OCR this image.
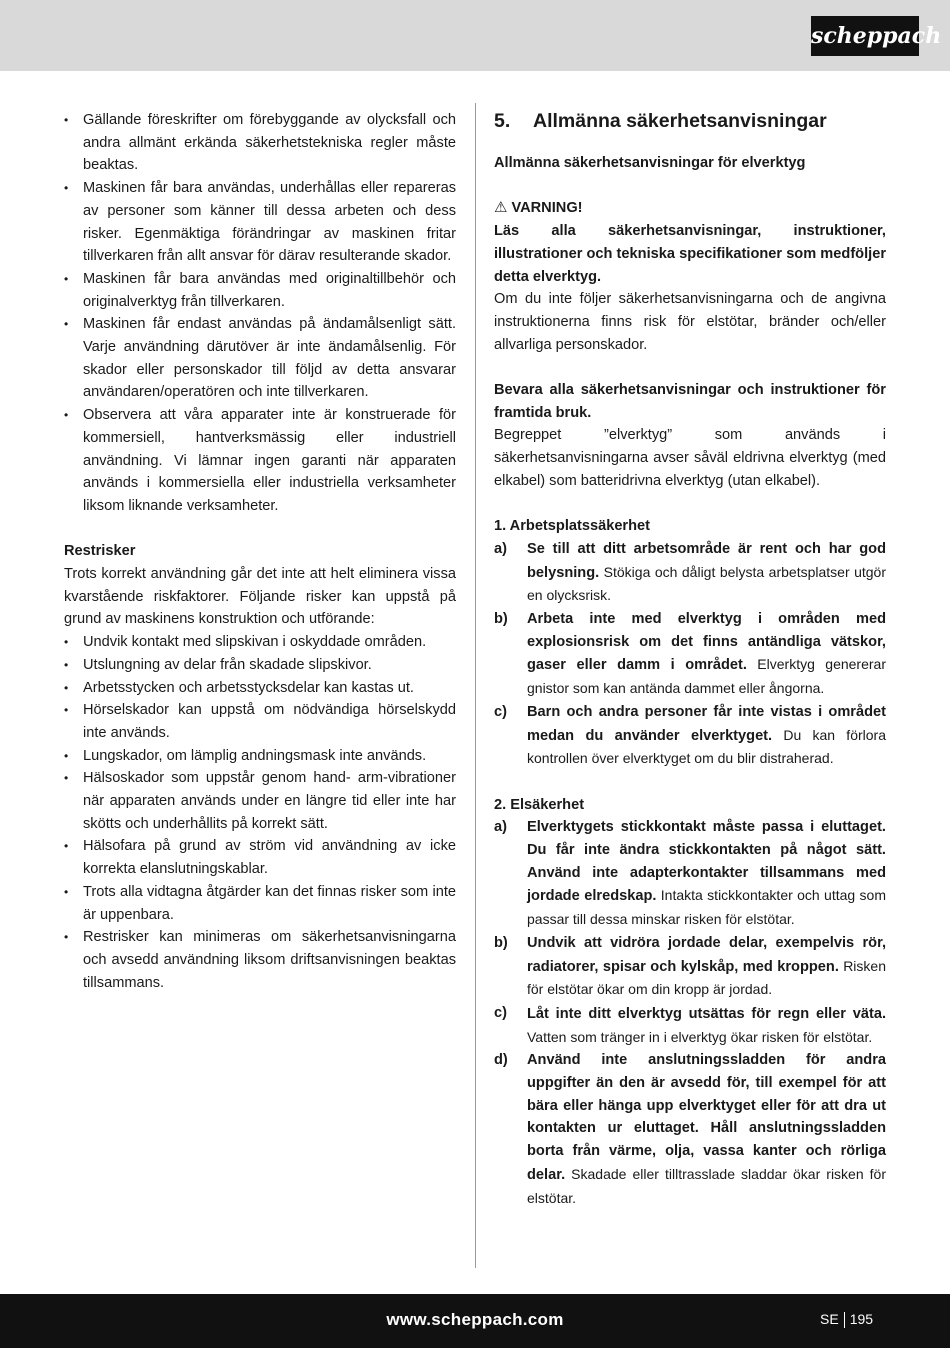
scheppach
• Gällande föreskrifter om förebyggande av olycksfall och andra allmänt erkända säkerhetstekniska regler måste beaktas.
• Maskinen får bara användas, underhållas eller repareras av personer som känner till dessa arbeten och dess risker. Egenmäktiga förändringar av maskinen fritar tillverkaren från allt ansvar för därav resulterande skador.
• Maskinen får bara användas med originaltillbehör och originalverktyg från tillverkaren.
• Maskinen får endast användas på ändamålsenligt sätt. Varje användning därutöver är inte ändamålsenlig. För skador eller personskador till följd av detta ansvarar användaren/operatören och inte tillverkaren.
• Observera att våra apparater inte är konstruerade för kommersiell, hantverksmässig eller industriell användning. Vi lämnar ingen garanti när apparaten används i kommersiella eller industriella verksamheter liksom liknande verksamheter.

Restrisker

Trots korrekt användning går det inte att helt eliminera vissa kvarstående riskfaktorer. Följande risker kan uppstå på grund av maskinens konstruktion och utförande:

• Undvik kontakt med slipskivan i oskyddade områden.
• Utslungning av delar från skadade slipskivor.
• Arbetsstycken och arbetsstycksdelar kan kastas ut.
• Hörselskador kan uppstå om nödvändiga hörselskydd inte används.
• Lungskador, om lämplig andningsmask inte används.
• Hälsoskador som uppstår genom hand- arm-vibrationer när apparaten används under en längre tid eller inte har skötts och underhållits på korrekt sätt.
• Hälsofara på grund av ström vid användning av icke korrekta elanslutningskablar.
• Trots alla vidtagna åtgärder kan det finnas risker som inte är uppenbara.
• Restrisker kan minimeras om säkerhetsanvisningarna och avsedd användning liksom driftsanvisningen beaktas tillsammans.
5. Allmänna säkerhetsanvisningar

Allmänna säkerhetsanvisningar för elverktyg

⚠ VARNING!

Läs alla säkerhetsanvisningar, instruktioner, illustrationer och tekniska specifikationer som medföljer detta elverktyg.

Om du inte följer säkerhetsanvisningarna och de angivna instruktionerna finns risk för elstötar, bränder och/eller allvarliga personskador.

Bevara alla säkerhetsanvisningar och instruktioner för framtida bruk.

Begreppet ”elverktyg” som används i säkerhetsanvisningarna avser såväl eldrivna elverktyg (med elkabel) som batteridrivna elverktyg (utan elkabel).

1. Arbetsplatssäkerhet

a) Se till att ditt arbetsområde är rent och har god belysning. Stökiga och dåligt belysta arbetsplatser utgör en olycksrisk.
b) Arbeta inte med elverktyg i områden med explosionsrisk om det finns antändliga vätskor, gaser eller damm i området. Elverktyg genererar gnistor som kan antända dammet eller ångorna.
c) Barn och andra personer får inte vistas i området medan du använder elverktyget. Du kan förlora kontrollen över elverktyget om du blir distraherad.

2. Elsäkerhet

a) Elverktygets stickkontakt måste passa i eluttaget. Du får inte ändra stickkontakten på något sätt. Använd inte adapterkontakter tillsammans med jordade elredskap. Intakta stickkontakter och uttag som passar till dessa minskar risken för elstötar.
b) Undvik att vidröra jordade delar, exempelvis rör, radiatorer, spisar och kylskåp, med kroppen. Risken för elstötar ökar om din kropp är jordad.
c) Låt inte ditt elverktyg utsättas för regn eller väta. Vatten som tränger in i elverktyg ökar risken för elstötar.
d) Använd inte anslutningssladden för andra uppgifter än den är avsedd för, till exempel för att bära eller hänga upp elverktyget eller för att dra ut kontakten ur eluttaget. Håll anslutningssladden borta från värme, olja, vassa kanter och rörliga delar. Skadade eller tilltrasslade sladdar ökar risken för elstötar.
www.scheppach.com	SE 195
